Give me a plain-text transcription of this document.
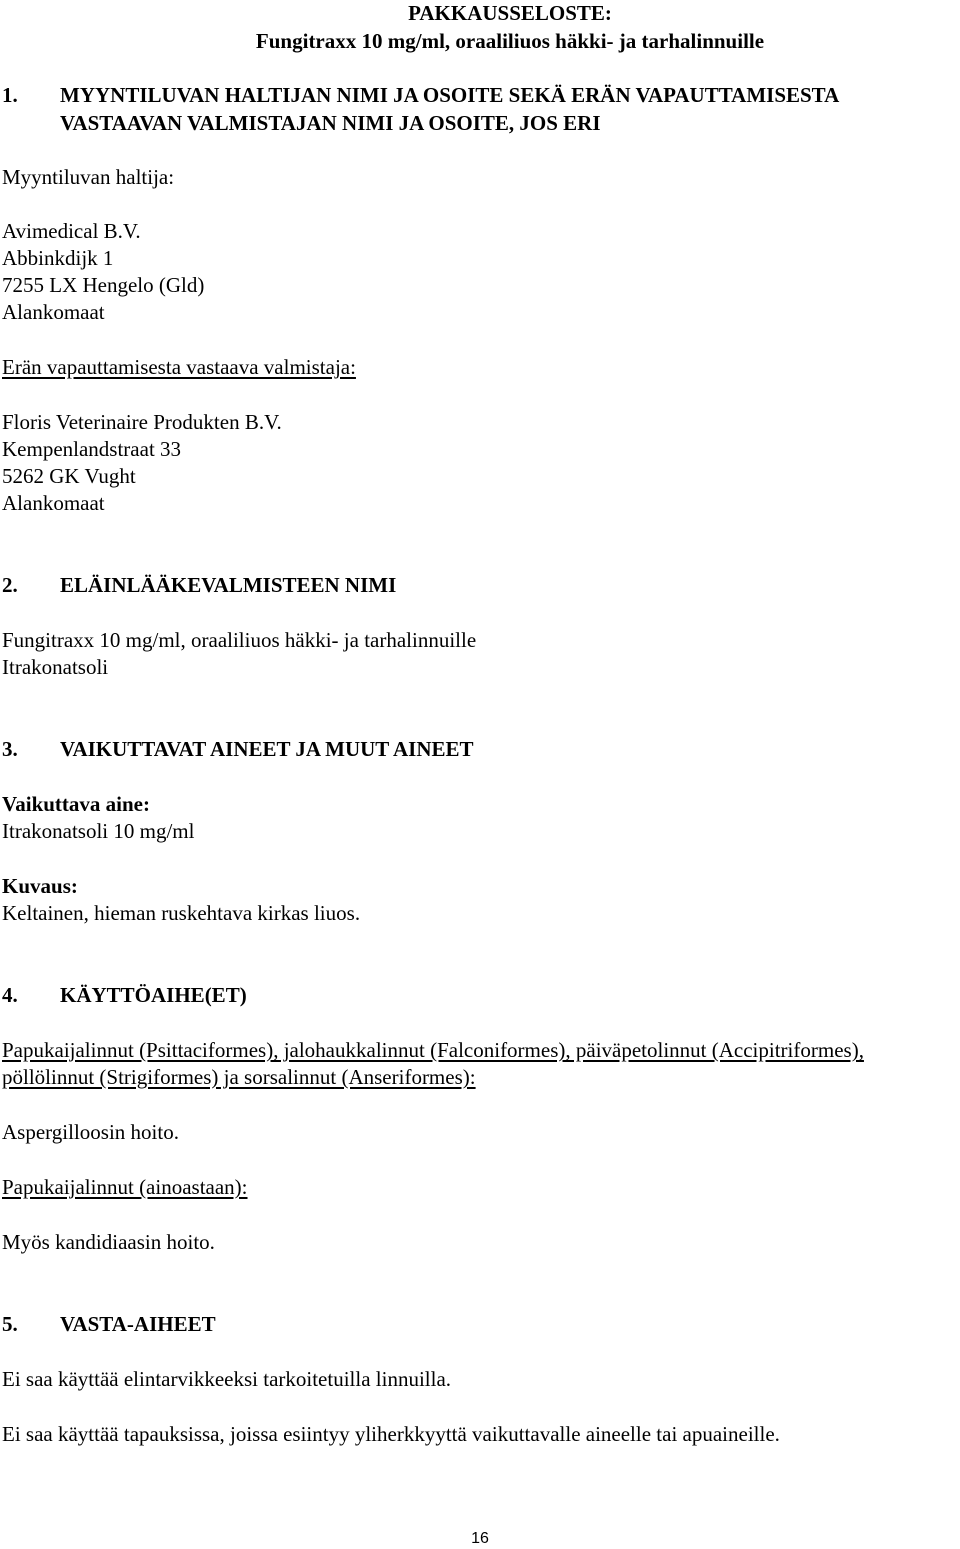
PAKKAUSSELOSTE:
Fungitraxx 10 mg/ml, oraaliliuos häkki- ja tarhalinnuille
1. MYYNTILUVAN HALTIJAN NIMI JA OSOITE SEKÄ ERÄN VAPAUTTAMISESTA
VASTAAVAN VALMISTAJAN NIMI JA OSOITE, JOS ERI
Myyntiluvan haltija:
Avimedical B.V.
Abbinkdijk 1
7255 LX Hengelo (Gld)
Alankomaat
Erän vapauttamisesta vastaava valmistaja:
Floris Veterinaire Produkten B.V.
Kempenlandstraat 33
5262 GK Vught
Alankomaat
2. ELÄINLÄÄKEVALMISTEEN NIMI
Fungitraxx 10 mg/ml, oraaliliuos häkki- ja tarhalinnuille
Itrakonatsoli
3. VAIKUTTAVAT AINEET JA MUUT AINEET
Vaikuttava aine:
Itrakonatsoli 10 mg/ml
Kuvaus:
Keltainen, hieman ruskehtava kirkas liuos.
4. KÄYTTÖAIHE(ET)
Papukaijalinnut (Psittaciformes), jalohaukkalinnut (Falconiformes), päiväpetolinnut (Accipitriformes),
pöllölinnut (Strigiformes) ja sorsalinnut (Anseriformes):
Aspergilloosin hoito.
Papukaijalinnut (ainoastaan):
Myös kandidiaasin hoito.
5. VASTA-AIHEET
Ei saa käyttää elintarvikkeeksi tarkoitetuilla linnuilla.
Ei saa käyttää tapauksissa, joissa esiintyy yliherkkyyttä vaikuttavalle aineelle tai apuaineille.
16
